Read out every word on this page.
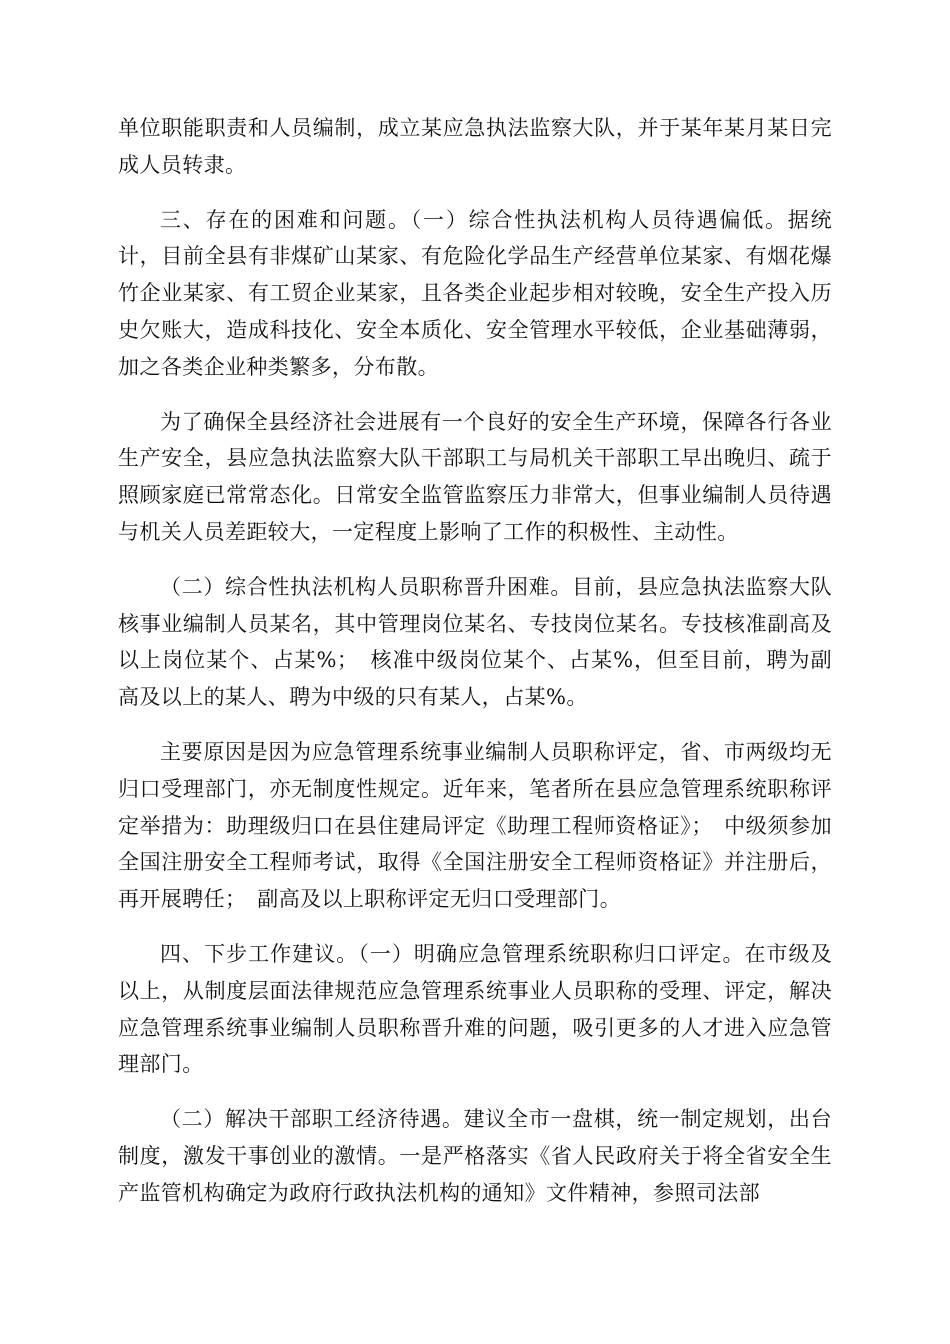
单位职能职责和人员编制，成立某应急执法监察大队，并于某年某月某日完成人员转隶。

三、存在的困难和问题。（一）综合性执法机构人员待遇偏低。据统计，目前全县有非煤矿山某家、有危险化学品生产经营单位某家、有烟花爆竹企业某家、有工贸企业某家，且各类企业起步相对较晚，安全生产投入历史欠账大，造成科技化、安全本质化、安全管理水平较低，企业基础薄弱，加之各类企业种类繁多，分布散。

为了确保全县经济社会进展有一个良好的安全生产环境，保障各行各业生产安全，县应急执法监察大队干部职工与局机关干部职工早出晚归、疏于照顾家庭已常常态化。日常安全监管监察压力非常大，但事业编制人员待遇与机关人员差距较大，一定程度上影响了工作的积极性、主动性。

（二）综合性执法机构人员职称晋升困难。目前，县应急执法监察大队核事业编制人员某名，其中管理岗位某名、专技岗位某名。专技核准副高及以上岗位某个、占某%；　核准中级岗位某个、占某%，但至目前，聘为副高及以上的某人、聘为中级的只有某人，占某%。

主要原因是因为应急管理系统事业编制人员职称评定，省、市两级均无归口受理部门，亦无制度性规定。近年来，笔者所在县应急管理系统职称评定举措为：助理级归口在县住建局评定《助理工程师资格证》；　中级须参加全国注册安全工程师考试，取得《全国注册安全工程师资格证》并注册后，再开展聘任；　副高及以上职称评定无归口受理部门。

四、下步工作建议。（一）明确应急管理系统职称归口评定。在市级及以上，从制度层面法律规范应急管理系统事业人员职称的受理、评定，解决应急管理系统事业编制人员职称晋升难的问题，吸引更多的人才进入应急管理部门。

（二）解决干部职工经济待遇。建议全市一盘棋，统一制定规划，出台制度，激发干事创业的激情。一是严格落实《省人民政府关于将全省安全生产监管机构确定为政府行政执法机构的通知》文件精神，参照司法部
